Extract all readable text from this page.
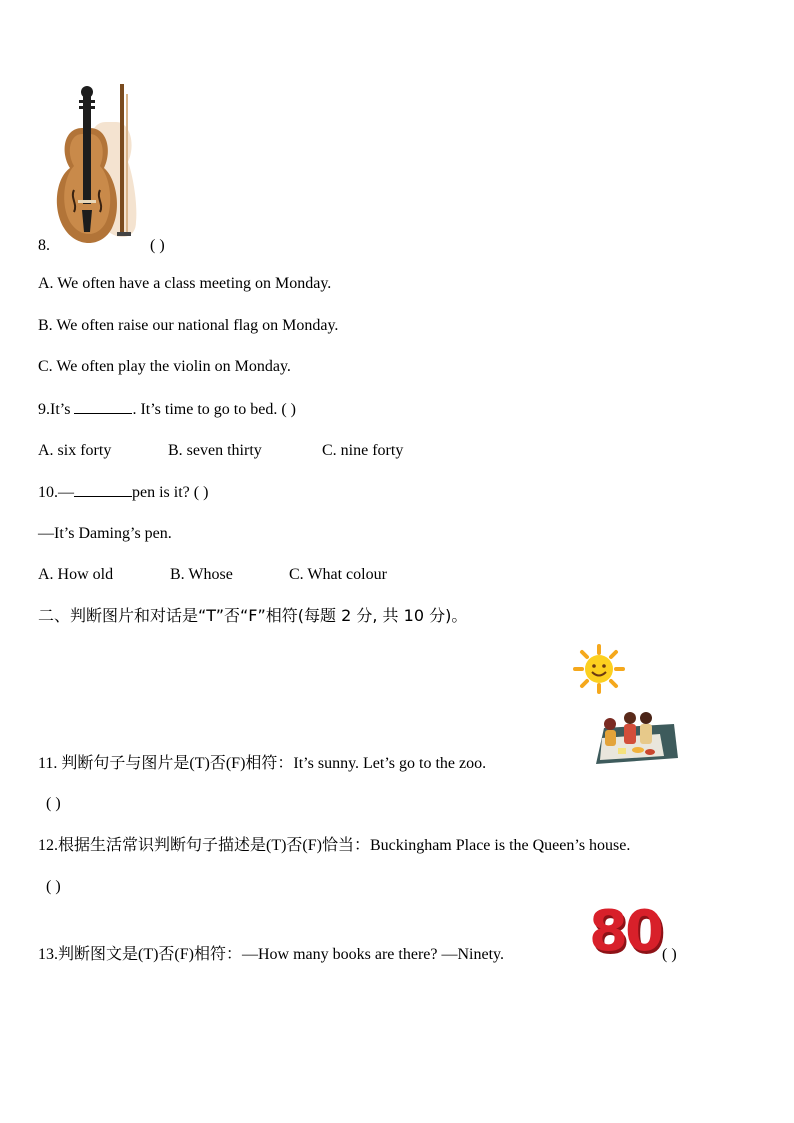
8.	( )
A. We often have a class meeting on Monday.
B. We often raise our national flag on Monday.
C. We often play the violin on Monday.
9.It’s	. It’s time to go to bed. ( )
A. six forty	B. seven thirty	C. nine forty
10.—	pen is it? ( )
—It’s Daming’s pen.
A. How old	B. Whose	C. What colour
二、判断图片和对话是“T”否“F”相符(每题 2 分, 共 10 分)。
11. 判断句子与图片是(T)否(F)相符：It’s sunny. Let’s go to the zoo.
( )
12.根据生活常识判断句子描述是(T)否(F)恰当：Buckingham Place is the Queen’s house.
( )
13.判断图文是(T)否(F)相符：—How many books are there? —Ninety. 80 ( )
